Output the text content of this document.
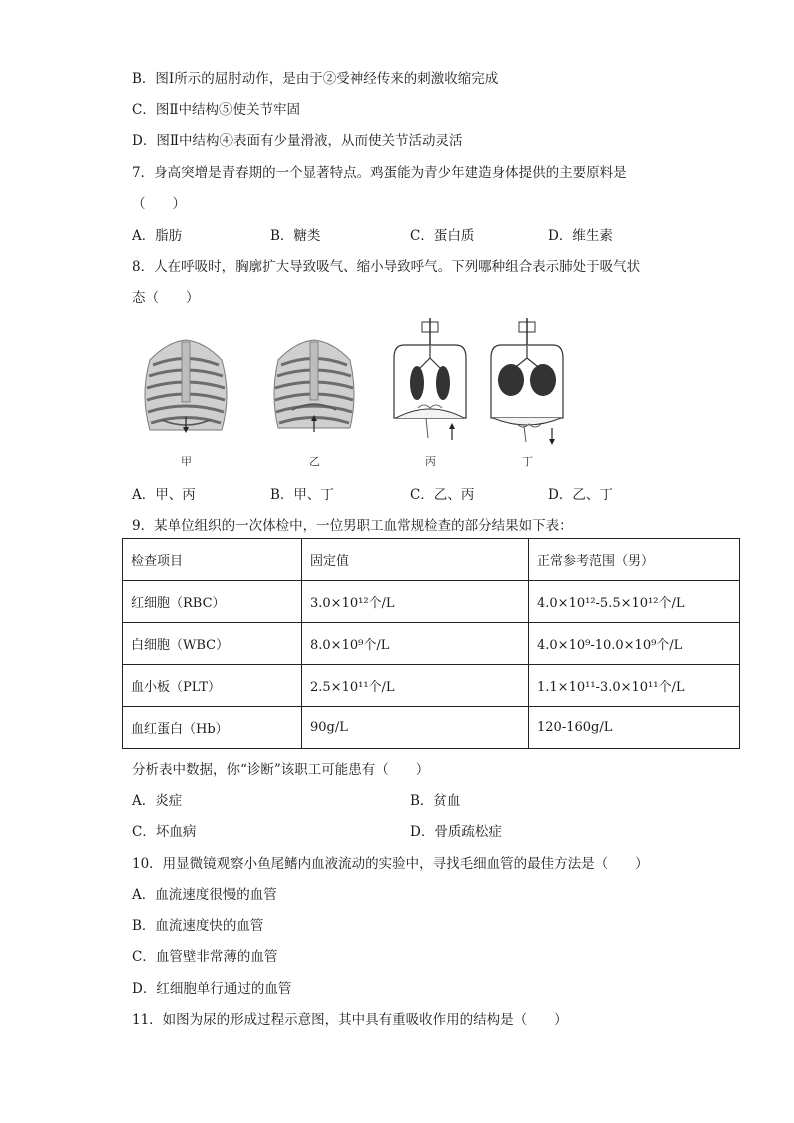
B．图Ⅰ所示的屈肘动作，是由于②受神经传来的刺激收缩完成
C．图Ⅱ中结构⑤使关节牢固
D．图Ⅱ中结构④表面有少量滑液，从而使关节活动灵活
7．身高突增是青春期的一个显著特点。鸡蛋能为青少年建造身体提供的主要原料是
（　　）
A．脂肪	B．糖类	C．蛋白质	D．维生素
8．人在呼吸时，胸廓扩大导致吸气、缩小导致呼气。下列哪种组合表示肺处于吸气状
态（　　）
甲	乙	丙	丁
A．甲、丙	B．甲、丁	C．乙、丙	D．乙、丁
9．某单位组织的一次体检中，一位男职工血常规检查的部分结果如下表：
检查项目	固定值	正常参考范围（男）
红细胞（RBC）	3.0×10¹²个/L	4.0×10¹²-5.5×10¹²个/L
白细胞（WBC）	8.0×10⁹个/L	4.0×10⁹-10.0×10⁹个/L
血小板（PLT）	2.5×10¹¹个/L	1.1×10¹¹-3.0×10¹¹个/L
血红蛋白（Hb）	90g/L	120-160g/L
分析表中数据，你“诊断”该职工可能患有（　　）
A．炎症	B．贫血
C．坏血病	D．骨质疏松症
10．用显微镜观察小鱼尾鳍内血液流动的实验中，寻找毛细血管的最佳方法是（　　）
A．血流速度很慢的血管
B．血流速度快的血管
C．血管壁非常薄的血管
D．红细胞单行通过的血管
11．如图为尿的形成过程示意图，其中具有重吸收作用的结构是（　　）
